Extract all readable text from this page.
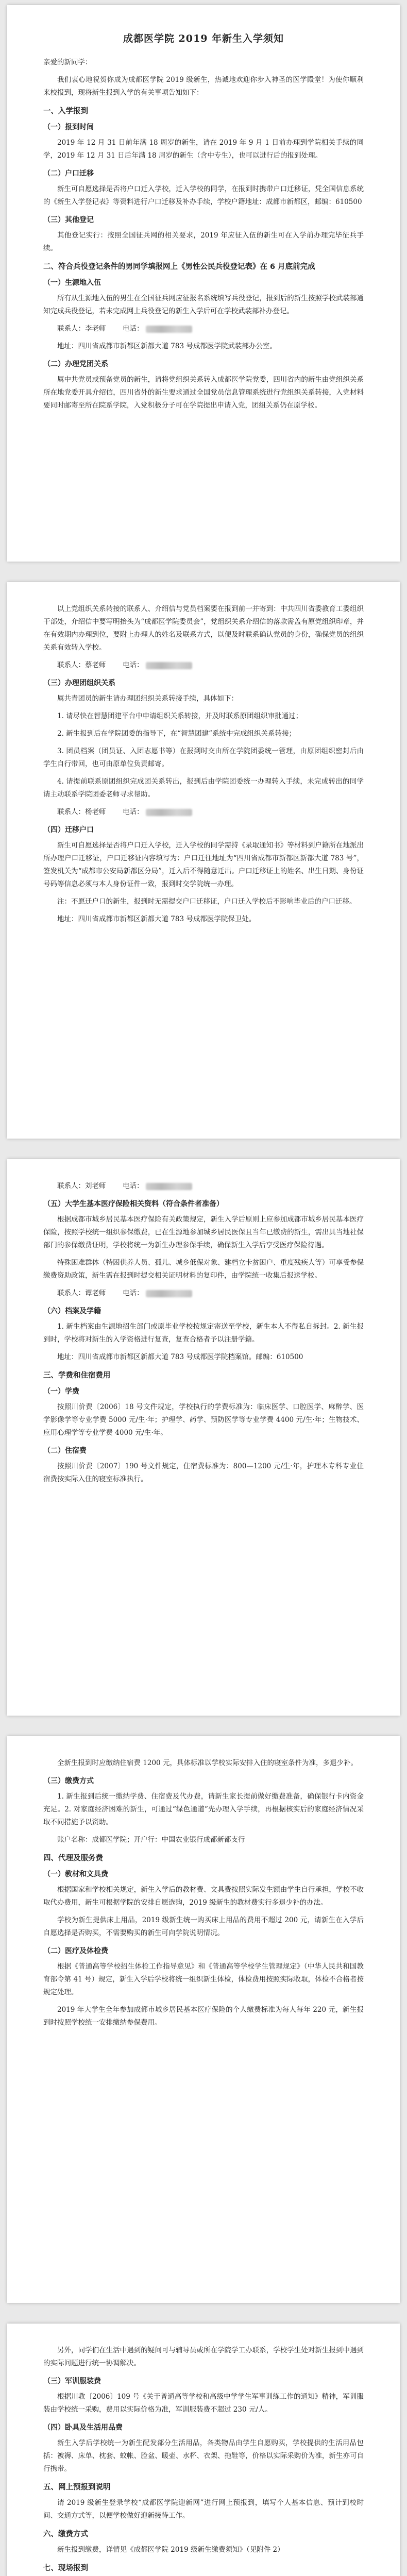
成都医学院 2019 年新生入学须知

亲爱的新同学：

我们衷心地祝贺你成为成都医学院 2019 级新生，热诚地欢迎你步入神圣的医学殿堂！为使你顺利来校报到，现将新生报到入学的有关事项告知如下：

一、入学报到
（一）报到时间

2019 年 12 月 31 日前年满 18 周岁的新生，请在 2019 年 9 月 1 日前办理到学院相关手续的同学，2019 年 12 月 31 日后年满 18 周岁的新生（含中专生），也可以进行后的报到处理。

（二）户口迁移

新生可自愿选择是否将户口迁入学校，迁入学校的同学，在报到时携带户口迁移证，凭全国信息系统的《新生入学登记表》等资料进行户口迁移及补办手续，学校户籍地址：成都市新都区，邮编：610500

（三）其他登记

其他登记实行：按照全国征兵网的相关要求，2019 年应征入伍的新生可在入学前办理完毕征兵手续。

二、符合兵役登记条件的男同学填报网上《男性公民兵役登记表》在 6 月底前完成
（一）生源地入伍

所有从生源地入伍的男生在全国征兵网应征报名系统填写兵役登记，报到后的新生按照学校武装部通知完成兵役登记，若未完成网上兵役登记的新生入学后可在学校武装部补办登记。

联系人：李老师 电话：

地址：四川省成都市新都区新都大道 783 号成都医学院武装部办公室。

（二）办理党团关系

属中共党员或预备党员的新生，请将党组织关系转入成都医学院党委，四川省内的新生由党组织关系所在地党委开具介绍信，四川省外的新生要求通过全国党员信息管理系统进行党组织关系转接，入党材料要同时邮寄至所在院系学院，入党积极分子可在学院提出申请入党，团组关系仍在原学校。

以上党组织关系转接的联系人、介绍信与党员档案要在报到前一并寄到：中共四川省委教育工委组织干部处，介绍信中要写明抬头为“成都医学院委员会”，党组织关系介绍信的落款需盖有原党组织印章，并在有效期内办理到位，要附上办理人的姓名及联系方式，以便及时联系确认党员的身份，确保党员的组织关系有效转入学校。

联系人：蔡老师 电话：
（三）办理团组织关系

属共青团员的新生请办理团组织关系转接手续，具体如下：

1. 请尽快在智慧团建平台中申请组织关系转接，并及时联系原团组织审批通过；

2. 新生报到后在学院团委的指导下，在“智慧团建”系统中完成组织关系转接；

3. 团员档案（团员证、入团志愿书等）在报到时交由所在学院团委统一管理，由原团组织密封后由学生自行带回，也可由原单位负责邮寄。

4. 请提前联系原团组织完成团关系转出，报到后由学院团委统一办理转入手续，未完成转出的同学请主动联系学院团委老师寻求帮助。

联系人：杨老师 电话：
（四）迁移户口

新生可自愿选择是否将户口迁入学校，迁入学校的同学需持《录取通知书》等材料到户籍所在地派出所办理户口迁移证，户口迁移证内容填写为：户口迁往地址为“四川省成都市新都区新都大道 783 号”，签发机关为“成都市公安局新都区分局”，迁入后不得随意迁出。户口迁移证上的姓名、出生日期、身份证号码等信息必须与本人身份证件一致，报到时交学院统一办理。

注：不愿迁户口的新生，报到时无需提交户口迁移证，户口迁入学校后不影响毕业后的户口迁移。

地址：四川省成都市新都区新都大道 783 号成都医学院保卫处。

联系人：刘老师 电话：
（五）大学生基本医疗保险相关资料（符合条件者准备）

根据成都市城乡居民基本医疗保险有关政策规定，新生入学后原则上应参加成都市城乡居民基本医疗保险，按照学校统一组织参保缴费，已在生源地参加城乡居民医保且当年已缴费的新生，需出具当地社保部门的参保缴费证明，学校将统一为新生办理参保手续，确保新生入学后享受医疗保险待遇。

特殊困难群体（特困供养人员、孤儿、城乡低保对象、建档立卡贫困户、重度残疾人等）可享受参保缴费资助政策，新生需在报到时提交相关证明材料的复印件，由学院统一收集后报送学校。

联系人：谭老师 电话：
（六）档案及学籍

1. 新生档案由生源地招生部门或原毕业学校按规定寄送至学校，新生本人不得私自拆封。2. 新生报到时，学校将对新生的入学资格进行复查，复查合格者予以注册学籍。

地址：四川省成都市新都区新都大道 783 号成都医学院档案馆。邮编：610500

三、学费和住宿费用
（一）学费

按照川价费〔2006〕18 号文件规定，学校执行的学费标准为：临床医学、口腔医学、麻醉学、医学影像学等专业学费 5000 元/生·年；护理学、药学、预防医学等专业学费 4400 元/生·年；生物技术、应用心理学等专业学费 4000 元/生·年。

（二）住宿费

按照川价费〔2007〕190 号文件规定，住宿费标准为：800—1200 元/生·年，护理本专科专业住宿费按实际入住的寝室标准执行。

全新生报到时应缴纳住宿费 1200 元，具体标准以学校实际安排入住的寝室条件为准，多退少补。

（三）缴费方式

1. 新生报到后统一缴纳学费、住宿费及代办费，请新生家长提前做好缴费准备，确保银行卡内资金充足。2. 对家庭经济困难的新生，可通过“绿色通道”先办理入学手续，再根据核实后的家庭经济情况采取不同措施予以资助。

账户名称：成都医学院；开户行：中国农业银行成都新都支行

四、代理及服务费
（一）教材和文具费

根据国家和学校相关规定，新生入学后的教材费、文具费按照实际发生额由学生自行承担，学校不收取代办费用，新生可根据学院的安排自愿选购，2019 级新生的教材费实行多退少补的办法。

学校为新生提供床上用品，2019 级新生统一购买床上用品的费用不超过 200 元，请新生在入学后自愿选择是否购买，不需要购买的新生可向学院说明情况。

（二）医疗及体检费

根据《普通高等学校招生体检工作指导意见》和《普通高等学校学生管理规定》（中华人民共和国教育部令第 41 号）规定，新生入学后学校将统一组织新生体检，体检费用按照实际收取，体检不合格者按规定处理。

2019 年大学生全年参加成都市城乡居民基本医疗保险的个人缴费标准为每人每年 220 元，新生报到时按照学校统一安排缴纳参保费用。

另外，同学们在生活中遇到的疑问可与辅导员或所在学院学工办联系，学校学生处对新生报到中遇到的实际问题进行统一协调解决。

（三）军训服装费

根据川教〔2006〕109 号《关于普通高等学校和高级中学学生军事训练工作的通知》精神，军训服装由学校统一采购，费用以实际价格为准，军训服装费不超过 230 元/人。

（四）卧具及生活用品费

新生入学后学校统一为新生配发部分生活用品，各类物品由学生自愿购买，学校提供的生活用品包括：被褥、床单、枕套、蚊帐、脸盆、暖壶、水杯、衣架、拖鞋等，价格以实际采购价为准，新生亦可自行携带。

五、网上预报到说明

请 2019 级新生登录学校“成都医学院迎新网”进行网上预报到，填写个人基本信息、预计到校时间、交通方式等，以便学校做好迎新接待工作。

六、缴费方式

新生报到缴费，详情见《成都医学院 2019 级新生缴费须知》（见附件 2）

七、现场报到
